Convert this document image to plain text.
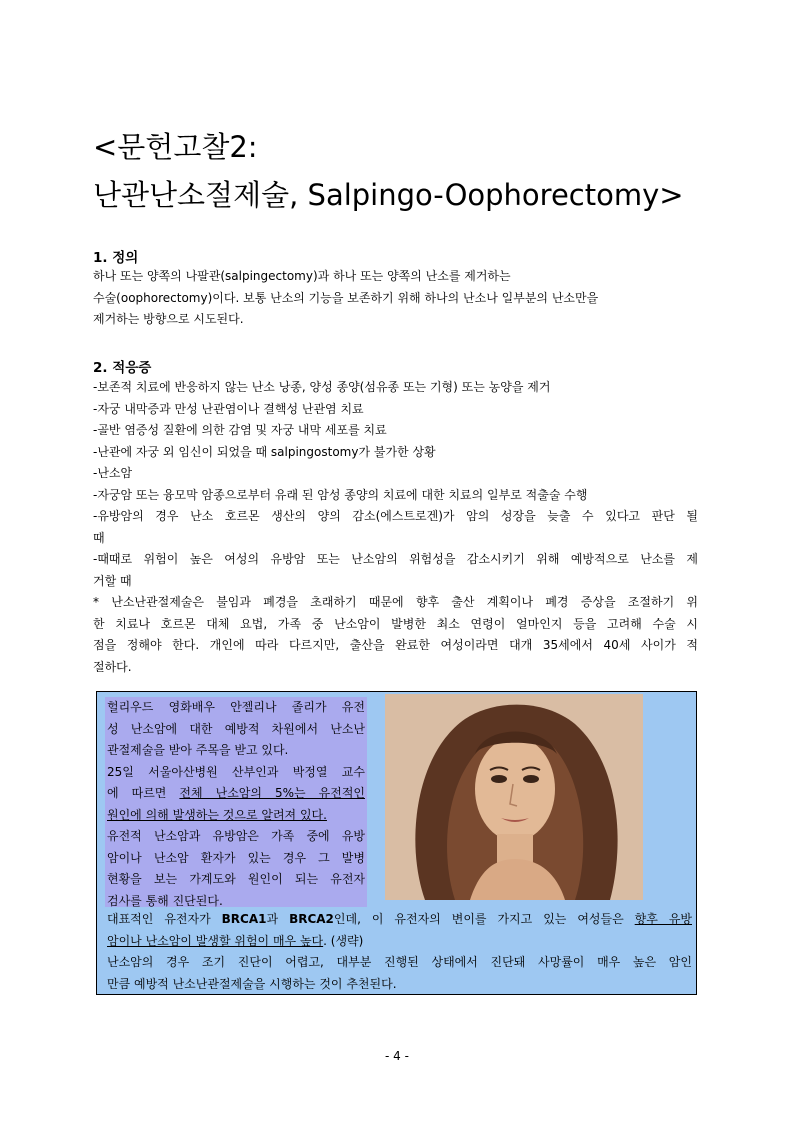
<문헌고찰2:
난관난소절제술, Salpingo-Oophorectomy>
1. 정의
하나 또는 양쪽의 나팔관(salpingectomy)과 하나 또는 양쪽의 난소를 제거하는
수술(oophorectomy)이다. 보통 난소의 기능을 보존하기 위해 하나의 난소나 일부분의 난소만을
제거하는 방향으로 시도된다.
2. 적응증
-보존적 치료에 반응하지 않는 난소 낭종, 양성 종양(섬유종 또는 기형) 또는 농양을 제거
-자궁 내막증과 만성 난관염이나 결핵성 난관염 치료
-골반 염증성 질환에 의한 감염 및 자궁 내막 세포를 치료
-난관에 자궁 외 임신이 되었을 때 salpingostomy가 불가한 상황
-난소암
-자궁암 또는 융모막 암종으로부터 유래 된 암성 종양의 치료에 대한 치료의 일부로 적출술 수행
-유방암의 경우 난소 호르몬 생산의 양의 감소(에스트로겐)가 암의 성장을 늦출 수 있다고 판단 될
때
-때때로 위험이 높은 여성의 유방암 또는 난소암의 위험성을 감소시키기 위해 예방적으로 난소를 제
거할 때
* 난소난관절제술은 불임과 폐경을 초래하기 때문에 향후 출산 계획이나 폐경 증상을 조절하기 위
한 치료나 호르몬 대체 요법, 가족 중 난소암이 발병한 최소 연령이 얼마인지 등을 고려해 수술 시
점을 정해야 한다. 개인에 따라 다르지만, 출산을 완료한 여성이라면 대개 35세에서 40세 사이가 적
절하다.
헐리우드 영화배우 안젤리나 졸리가 유전
성 난소암에 대한 예방적 차원에서 난소난
관절제술을 받아 주목을 받고 있다.
25일 서울아산병원 산부인과 박정열 교수
에 따르면 전체 난소암의 5%는 유전적인
원인에 의해 발생하는 것으로 알려져 있다.
유전적 난소암과 유방암은 가족 중에 유방
암이나 난소암 환자가 있는 경우 그 발병
현황을 보는 가계도와 원인이 되는 유전자
검사를 통해 진단된다.
대표적인 유전자가 BRCA1과 BRCA2인데, 이 유전자의 변이를 가지고 있는 여성들은 향후 유방
암이나 난소암이 발생할 위험이 매우 높다. (생략)
난소암의 경우 조기 진단이 어렵고, 대부분 진행된 상태에서 진단돼 사망률이 매우 높은 암인
만큼 예방적 난소난관절제술을 시행하는 것이 추천된다.
- 4 -
